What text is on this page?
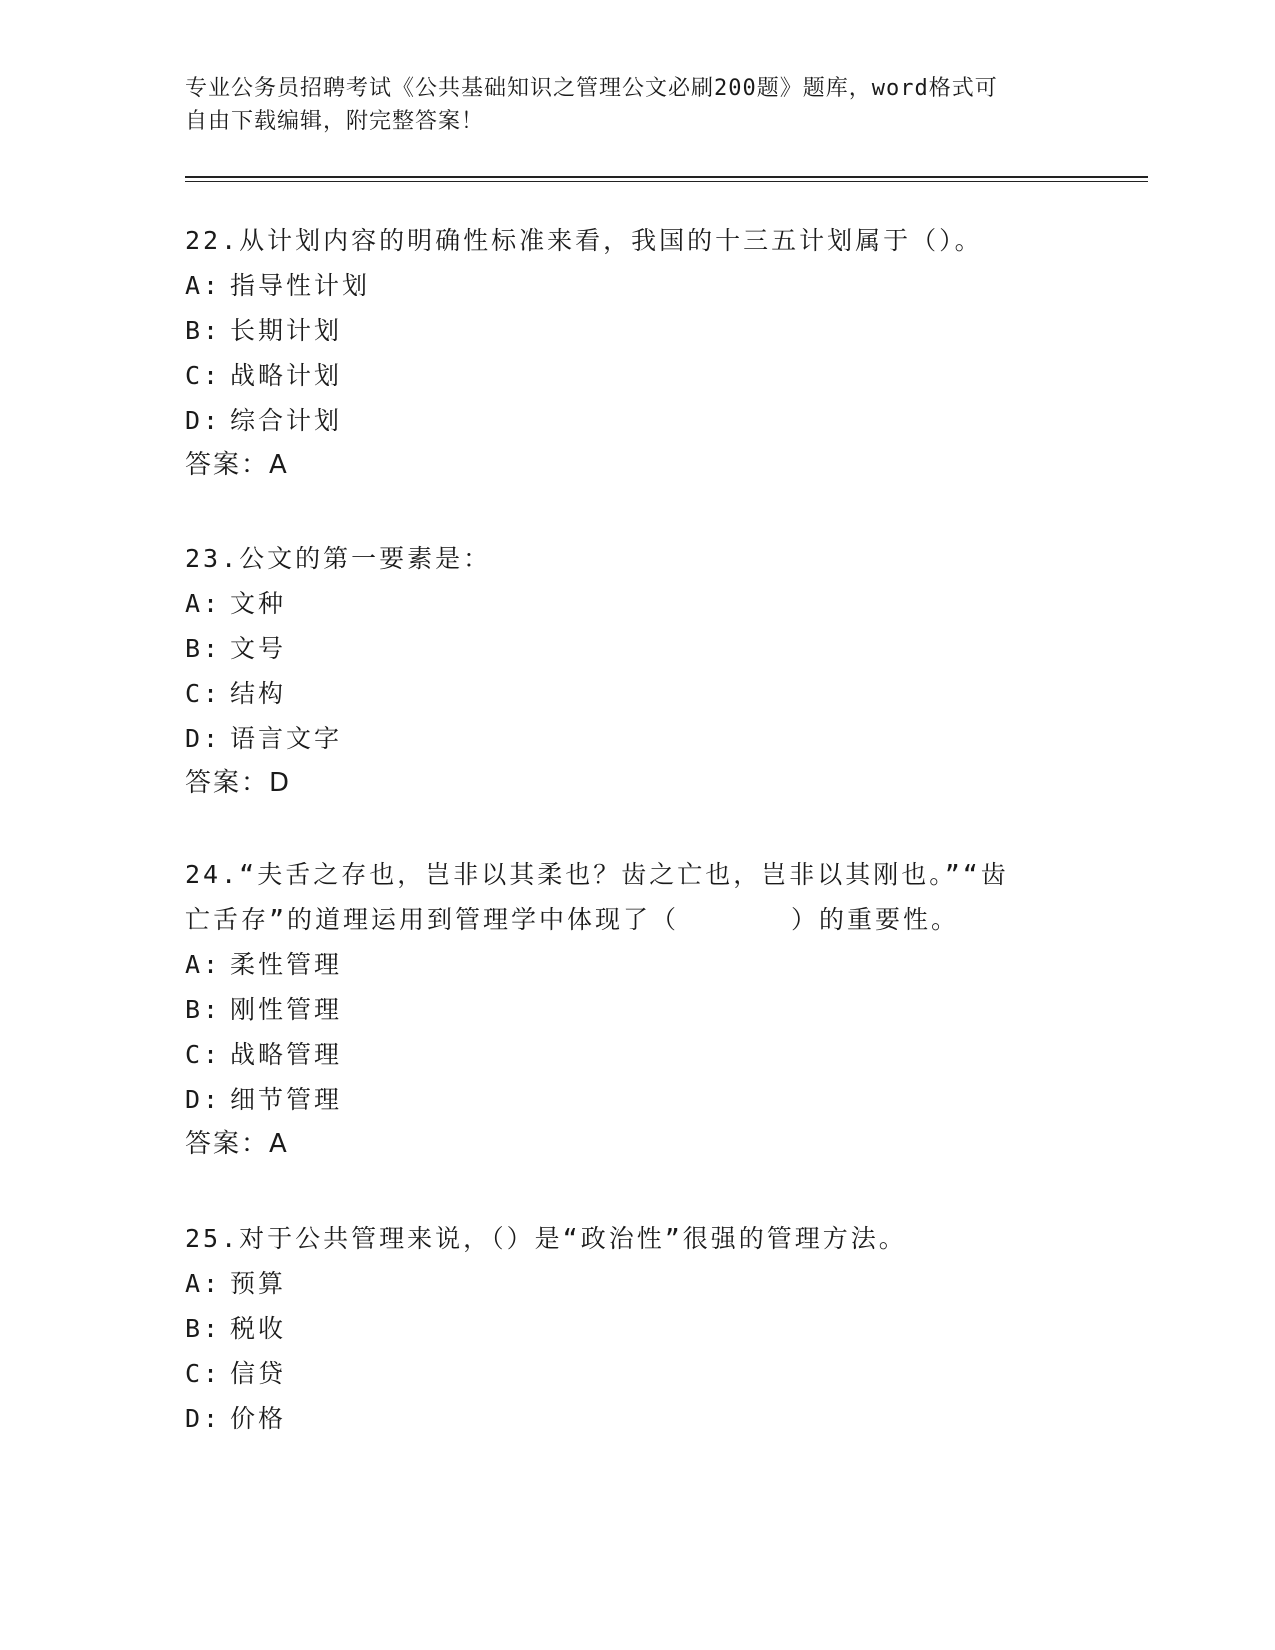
专业公务员招聘考试《公共基础知识之管理公文必刷200题》题库，word格式可
自由下载编辑，附完整答案！

22.从计划内容的明确性标准来看，我国的十三五计划属于（）。

A: 指导性计划

B: 长期计划

C: 战略计划

D: 综合计划

答案：A

23.公文的第一要素是：

A: 文种

B: 文号

C: 结构

D: 语言文字

答案：D

24.“夫舌之存也，岂非以其柔也？齿之亡也，岂非以其刚也。”“齿

亡舌存”的道理运用到管理学中体现了（　　　　）的重要性。

A: 柔性管理

B: 刚性管理

C: 战略管理

D: 细节管理

答案：A

25.对于公共管理来说，（）是“政治性”很强的管理方法。

A: 预算

B: 税收

C: 信贷

D: 价格
